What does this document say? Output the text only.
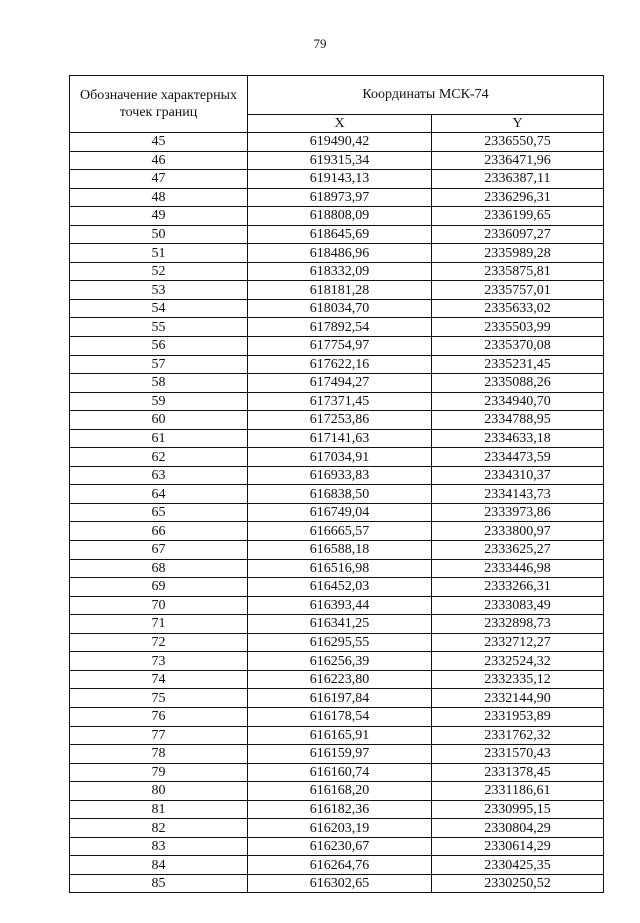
79
Обозначение характерных точек границ	Координаты МСК-74	
	X	Y
45	619490,42	2336550,75
46	619315,34	2336471,96
47	619143,13	2336387,11
48	618973,97	2336296,31
49	618808,09	2336199,65
50	618645,69	2336097,27
51	618486,96	2335989,28
52	618332,09	2335875,81
53	618181,28	2335757,01
54	618034,70	2335633,02
55	617892,54	2335503,99
56	617754,97	2335370,08
57	617622,16	2335231,45
58	617494,27	2335088,26
59	617371,45	2334940,70
60	617253,86	2334788,95
61	617141,63	2334633,18
62	617034,91	2334473,59
63	616933,83	2334310,37
64	616838,50	2334143,73
65	616749,04	2333973,86
66	616665,57	2333800,97
67	616588,18	2333625,27
68	616516,98	2333446,98
69	616452,03	2333266,31
70	616393,44	2333083,49
71	616341,25	2332898,73
72	616295,55	2332712,27
73	616256,39	2332524,32
74	616223,80	2332335,12
75	616197,84	2332144,90
76	616178,54	2331953,89
77	616165,91	2331762,32
78	616159,97	2331570,43
79	616160,74	2331378,45
80	616168,20	2331186,61
81	616182,36	2330995,15
82	616203,19	2330804,29
83	616230,67	2330614,29
84	616264,76	2330425,35
85	616302,65	2330250,52
